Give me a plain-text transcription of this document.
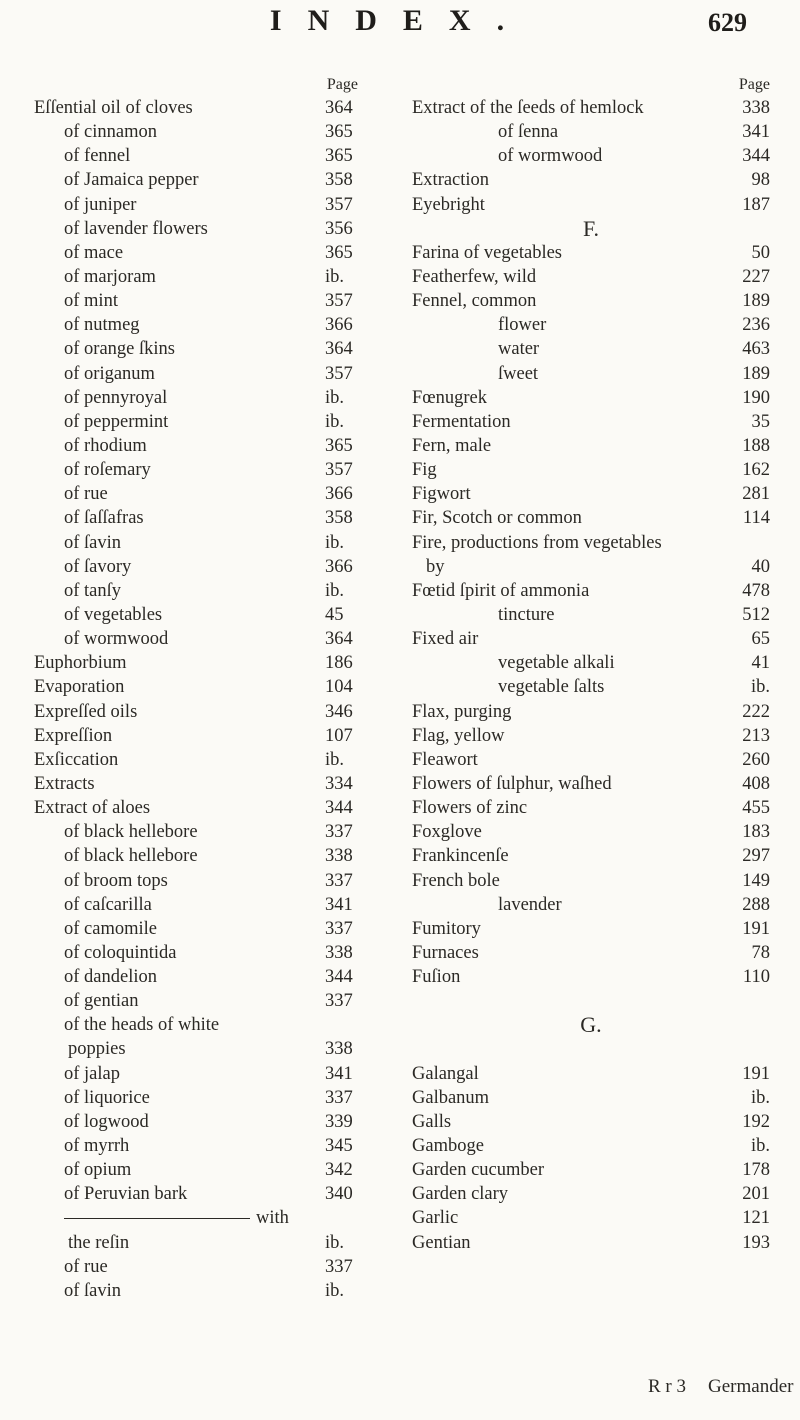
INDEX.	629
Page
Eſſential oil of cloves	364
of cinnamon	365
of fennel	365
of Jamaica pepper	358
of juniper	357
of lavender flowers	356
of mace	365
of marjoram	ib.
of mint	357
of nutmeg	366
of orange ſkins	364
of origanum	357
of pennyroyal	ib.
of peppermint	ib.
of rhodium	365
of roſemary	357
of rue	366
of ſaſſafras	358
of ſavin	ib.
of ſavory	366
of tanſy	ib.
of vegetables	45
of wormwood	364
Euphorbium	186
Evaporation	104
Expreſſed oils	346
Expreſſion	107
Exſiccation	ib.
Extracts	334
Extract of aloes	344
of black hellebore	337
of black hellebore	338
of broom tops	337
of caſcarilla	341
of camomile	337
of coloquintida	338
of dandelion	344
of gentian	337
of the heads of white
poppies	338
of jalap	341
of liquorice	337
of logwood	339
of myrrh	345
of opium	342
of Peruvian bark	340
with
the reſin	ib.
of rue	337
of ſavin	ib.
Page
Extract of the ſeeds of hemlock	338
of ſenna	341
of wormwood	344
Extraction	98
Eyebright	187
F.
Farina of vegetables	50
Featherfew, wild	227
Fennel, common	189
flower	236
water	463
ſweet	189
Fœnugrek	190
Fermentation	35
Fern, male	188
Fig	162
Figwort	281
Fir, Scotch or common	114
Fire, productions from vegetables
by	40
Fœtid ſpirit of ammonia	478
tincture	512
Fixed air	65
vegetable alkali	41
vegetable ſalts	ib.
Flax, purging	222
Flag, yellow	213
Fleawort	260
Flowers of ſulphur, waſhed	408
Flowers of zinc	455
Foxglove	183
Frankincenſe	297
French bole	149
lavender	288
Fumitory	191
Furnaces	78
Fuſion	110
G.
Galangal	191
Galbanum	ib.
Galls	192
Gamboge	ib.
Garden cucumber	178
Garden clary	201
Garlic	121
Gentian	193
R r 3 Germander
